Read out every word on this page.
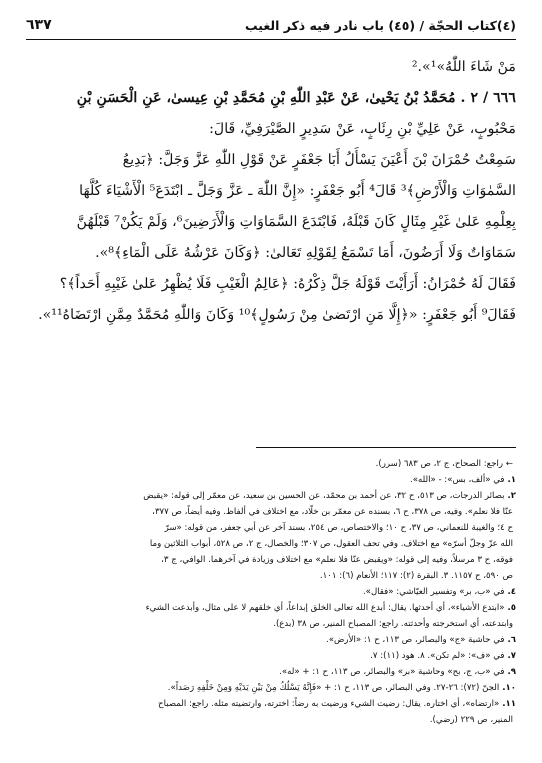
(٤)كتاب الحجّة / (٤٥) باب نادر فيه ذكر الغيب
٦٣٧
مَنْ شَاءَ اللّٰهُ»¹».²
٦٦٦ / ٢ . مُحَمَّدُ بْنُ يَحْيىٰ، عَنْ عَبْدِ اللّٰهِ بْنِ مُحَمَّدِ بْنِ عِيسىٰ، عَنِ الْحَسَنِ بْنِ
مَحْبُوبٍ، عَنْ عَلِيِّ بْنِ رِئَابٍ، عَنْ سَدِيرٍ الصَّيْرَفِيِّ، قَالَ:
سَمِعْتُ حُمْرَانَ بْنَ أَعْيَنَ يَسْأَلُ أَبَا جَعْفَرٍ عَنْ قَوْلِ اللّٰهِ عَزَّ وَجَلَّ: ﴿بَدِيعُ
السَّمٰوَاتِ وَالْأَرْضِ﴾³ قَالَ⁴ أَبُو جَعْفَرٍ: «إِنَّ اللّٰهَ ـ عَزَّ وَجَلَّ ـ ابْتَدَعَ⁵ الْأَشْيَاءَ كُلَّهَا
بِعِلْمِهِ عَلىٰ غَيْرِ مِثَالٍ كَانَ قَبْلَهُ، فَابْتَدَعَ السَّمَاوَاتِ وَالْأَرَضِينَ⁶، وَلَمْ يَكُنْ⁷ قَبْلَهُنَّ
سَمَاوَاتٌ وَلَا أَرَضُونَ، أَمَا تَسْمَعُ لِقَوْلِهِ تَعَالىٰ: ﴿وَكَانَ عَرْشُهُ عَلَى الْمَاءِ﴾⁸».
فَقَالَ لَهُ حُمْرَانُ: أَرَأَيْتَ قَوْلَهُ جَلَّ ذِكْرُهُ: ﴿عَالِمُ الْغَيْبِ فَلَا يُظْهِرُ عَلىٰ غَيْبِهِ أَحَداً﴾؟
فَقَالَ⁹ أَبُو جَعْفَرٍ: «﴿إِلَّا مَنِ ارْتَضىٰ مِنْ رَسُولٍ﴾¹⁰ وَكَانَ وَاللّٰهِ مُحَمَّدٌ مِمَّنِ ارْتَضَاهُ¹¹».
← راجع: الصحاح، ج ٢، ص ٦٨٣ (سرر).
١.في «ألف، بس»: - «الله».
٢.بصائر الدرجات، ص ٥١٣، ح ٣٢، عن أحمد بن محمّد، عن الحسين بن سعيد، عن معمّر إلى قوله: «يقبض
عنّا فلا نعلم». وفيه، ص ٣٧٨، ح ٦، بسنده عن معمّر بن خلّاد، مع اختلاف في ألفاظ. وفيه أيضاً، ص ٣٧٧،
ح ٤؛ والغيبة للنعماني، ص ٣٧، ح ١٠؛ والاختصاص، ص ٢٥٤، بسند آخر عن أبي جعفر، من قوله: «سرّ
الله عزّ وجلّ أسرّه» مع اختلاف. وفي تحف العقول، ص ٣٠٧؛ والخصال، ج ٢، ص ٥٢٨، أبواب الثلاثين وما
فوقه، ح ٣ مرسلاً، وفيه إلى قوله: «ويقبض عنّا فلا نعلم» مع اختلاف وزيادة في آخرهما. الوافي، ج ٣،
ص ٥٩٠، ح ١١٥٧. ٣. البقرة (٢): ١١٧؛ الأنعام (٦): ١٠١.
٤.في «ب، بر» وتفسير العيّاشي: «فقال».
٥.«ابتدع الأشياء»، أي أحدثها. يقال: أبدع الله تعالى الخلق إبداعاً، أي خلقهم لا على مثال، وأبدعت الشيء
وابتدعته، أي استخرجته وأحدثته. راجع: المصباح المنير، ص ٣٨ (بدع).
٦.في حاشية «ج» والبصائر، ص ١١٣، ح ١: «الأرض».
٧.في «ف»: «لم تكن». ٨. هود (١١): ٧.
٩.في «ب، ج، بح» وحاشية «بر» والبصائر، ص ١١٣، ح ١: + «له».
١٠.الجنّ (٧٢): ٢٦-٢٧. وفي البصائر، ص ١١٣، ح ١: + «فَإِنَّهُ يَسْلُكُ مِنْ بَيْنِ يَدَيْهِ وَمِنْ خَلْفِهِ رَصَداً».
١١.«ارتضاه»، أي اختاره. يقال: رضيت الشيء ورضيت به رضاً: اخترته، وارتضيته مثله. راجع: المصباح
المنير، ص ٢٢٩ (رضي).
